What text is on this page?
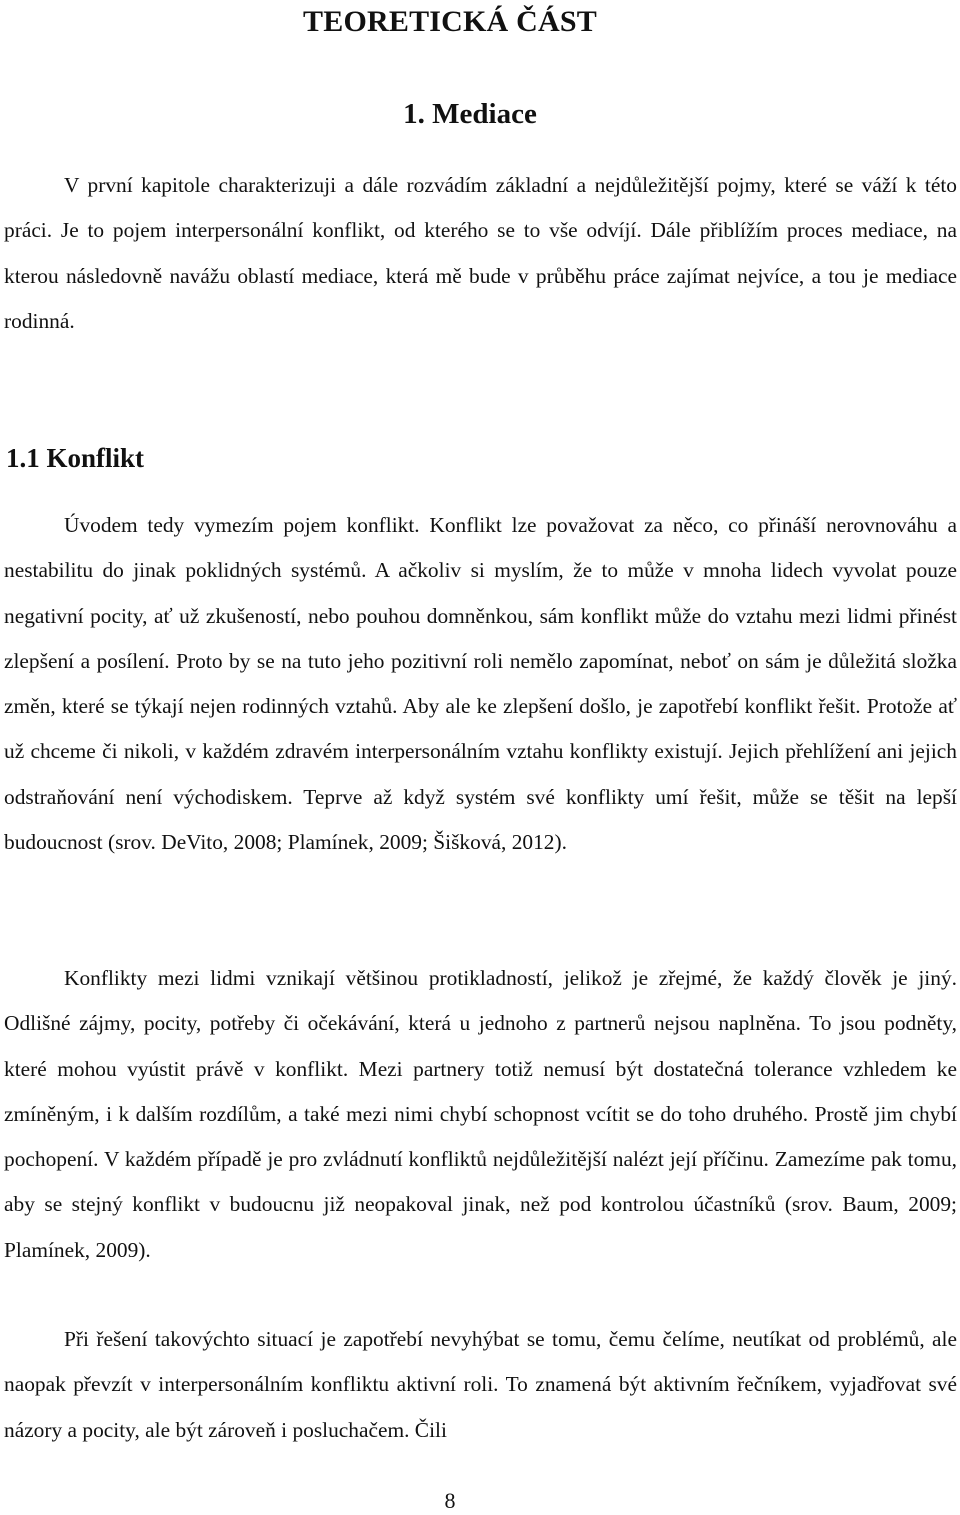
TEORETICKÁ ČÁST
1. Mediace

V první kapitole charakterizuji a dále rozvádím základní a nejdůležitější pojmy, které se váží k této práci. Je to pojem interpersonální konflikt, od kterého se to vše odvíjí. Dále přiblížím proces mediace, na kterou následovně navážu oblastí mediace, která mě bude v průběhu práce zajímat nejvíce, a tou je mediace rodinná.

1.1 Konflikt

Úvodem tedy vymezím pojem konflikt. Konflikt lze považovat za něco, co přináší nerovnováhu a nestabilitu do jinak poklidných systémů. A ačkoliv si myslím, že to může v mnoha lidech vyvolat pouze negativní pocity, ať už zkušeností, nebo pouhou domněnkou, sám konflikt může do vztahu mezi lidmi přinést zlepšení a posílení. Proto by se na tuto jeho pozitivní roli nemělo zapomínat, neboť on sám je důležitá složka změn, které se týkají nejen rodinných vztahů. Aby ale ke zlepšení došlo, je zapotřebí konflikt řešit. Protože ať už chceme či nikoli, v každém zdravém interpersonálním vztahu konflikty existují. Jejich přehlížení ani jejich odstraňování není východiskem. Teprve až když systém své konflikty umí řešit, může se těšit na lepší budoucnost (srov. DeVito, 2008; Plamínek, 2009; Šišková, 2012).

Konflikty mezi lidmi vznikají většinou protikladností, jelikož je zřejmé, že každý člověk je jiný. Odlišné zájmy, pocity, potřeby či očekávání, která u jednoho z partnerů nejsou naplněna. To jsou podněty, které mohou vyústit právě v konflikt. Mezi partnery totiž nemusí být dostatečná tolerance vzhledem ke zmíněným, i k dalším rozdílům, a také mezi nimi chybí schopnost vcítit se do toho druhého. Prostě jim chybí pochopení. V každém případě je pro zvládnutí konfliktů nejdůležitější nalézt její příčinu. Zamezíme pak tomu, aby se stejný konflikt v budoucnu již neopakoval jinak, než pod kontrolou účastníků (srov. Baum, 2009; Plamínek, 2009).

Při řešení takovýchto situací je zapotřebí nevyhýbat se tomu, čemu čelíme, neutíkat od problémů, ale naopak převzít v interpersonálním konfliktu aktivní roli. To znamená být aktivním řečníkem, vyjadřovat své názory a pocity, ale být zároveň i posluchačem. Čili

8
